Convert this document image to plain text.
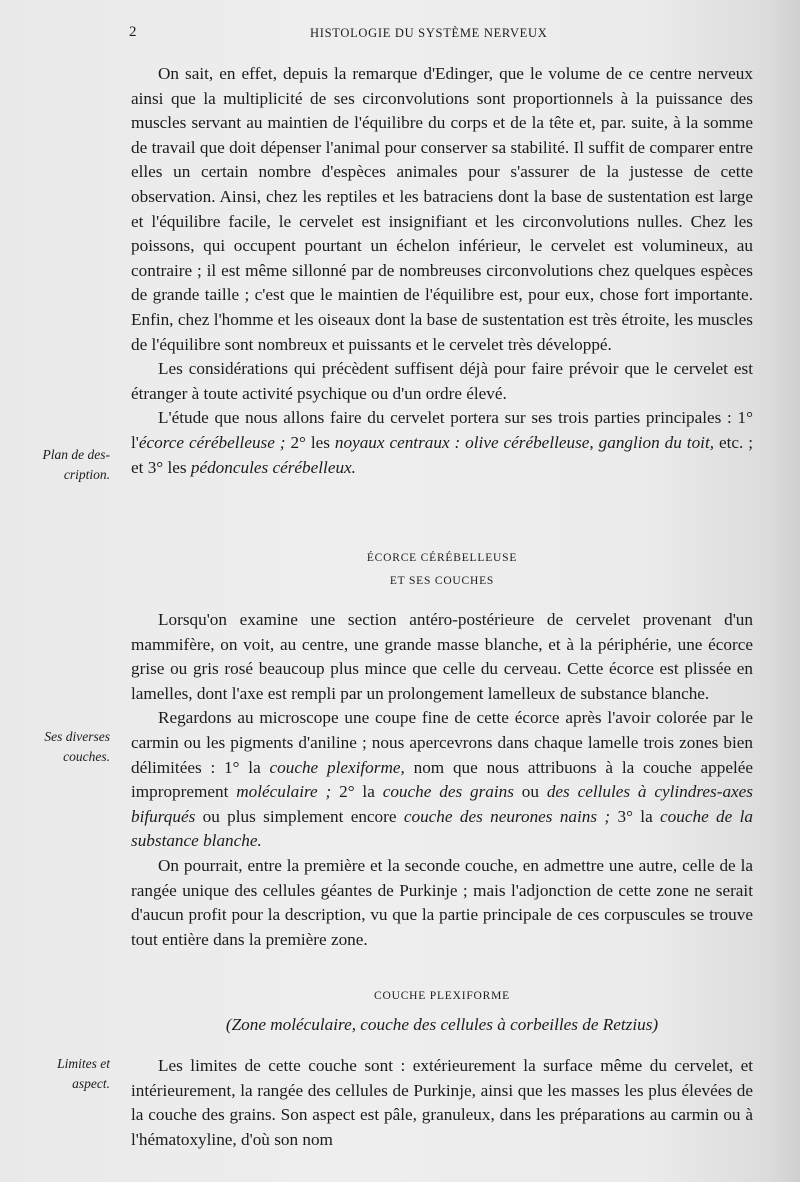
2	HISTOLOGIE DU SYSTÈME NERVEUX

On sait, en effet, depuis la remarque d'Edinger, que le volume de ce centre nerveux ainsi que la multiplicité de ses circonvolutions sont proportionnels à la puissance des muscles servant au maintien de l'équilibre du corps et de la tête et, par. suite, à la somme de travail que doit dépenser l'animal pour conserver sa stabilité. Il suffit de comparer entre elles un certain nombre d'espèces animales pour s'assurer de la justesse de cette observation. Ainsi, chez les reptiles et les batraciens dont la base de sustentation est large et l'équilibre facile, le cervelet est insignifiant et les circonvolutions nulles. Chez les poissons, qui occupent pourtant un échelon inférieur, le cervelet est volumineux, au contraire ; il est même sillonné par de nombreuses circonvolutions chez quelques espèces de grande taille ; c'est que le maintien de l'équilibre est, pour eux, chose fort importante. Enfin, chez l'homme et les oiseaux dont la base de sustentation est très étroite, les muscles de l'équilibre sont nombreux et puissants et le cervelet très développé.

Les considérations qui précèdent suffisent déjà pour faire prévoir que le cervelet est étranger à toute activité psychique ou d'un ordre élevé.

L'étude que nous allons faire du cervelet portera sur ses trois parties principales : 1° l'écorce cérébelleuse ; 2° les noyaux centraux : olive cérébelleuse, ganglion du toit, etc. ; et 3° les pédoncules cérébelleux.

Plan de des-
cription.
ÉCORCE CÉRÉBELLEUSE
ET SES COUCHES

Lorsqu'on examine une section antéro-postérieure de cervelet provenant d'un mammifère, on voit, au centre, une grande masse blanche, et à la périphérie, une écorce grise ou gris rosé beaucoup plus mince que celle du cerveau. Cette écorce est plissée en lamelles, dont l'axe est rempli par un prolongement lamelleux de substance blanche.

Regardons au microscope une coupe fine de cette écorce après l'avoir colorée par le carmin ou les pigments d'aniline ; nous apercevrons dans chaque lamelle trois zones bien délimitées : 1° la couche plexiforme, nom que nous attribuons à la couche appelée improprement moléculaire ; 2° la couche des grains ou des cellules à cylindres-axes bifurqués ou plus simplement encore couche des neurones nains ; 3° la couche de la substance blanche.

On pourrait, entre la première et la seconde couche, en admettre une autre, celle de la rangée unique des cellules géantes de Purkinje ; mais l'adjonction de cette zone ne serait d'aucun profit pour la description, vu que la partie principale de ces corpuscules se trouve tout entière dans la première zone.

Ses diverses
couches.
COUCHE PLEXIFORME
(Zone moléculaire, couche des cellules à corbeilles de Retzius)

Les limites de cette couche sont : extérieurement la surface même du cervelet, et intérieurement, la rangée des cellules de Purkinje, ainsi que les masses les plus élevées de la couche des grains. Son aspect est pâle, granuleux, dans les préparations au carmin ou à l'hématoxyline, d'où son nom

Limites et
aspect.
